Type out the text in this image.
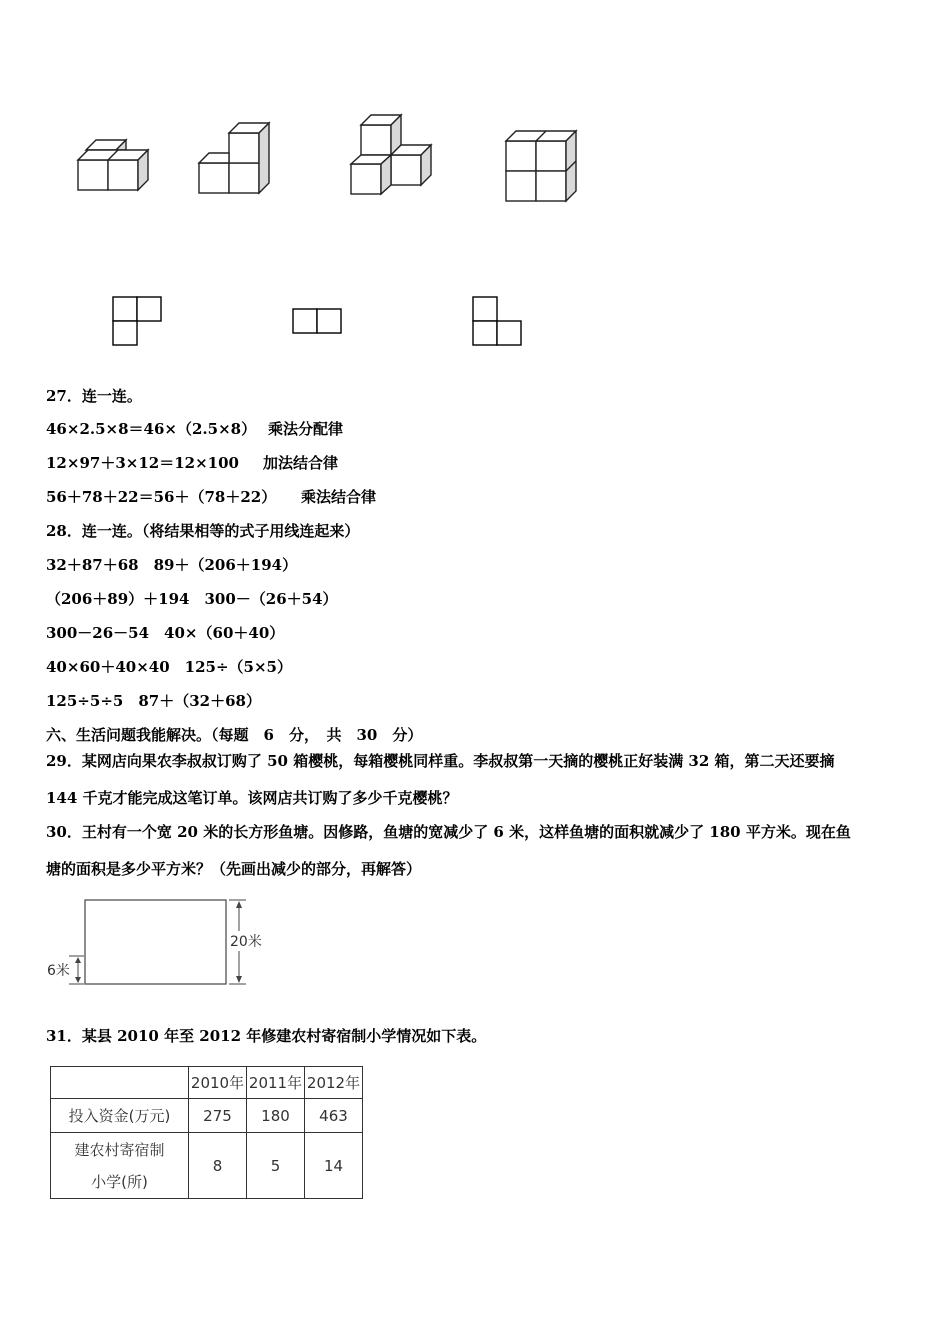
27．连一连。
46×2.5×8＝46×（2.5×8） 乘法分配律
12×97＋3×12＝12×100 加法结合律
56＋78＋22＝56＋（78＋22） 乘法结合律
28．连一连。（将结果相等的式子用线连起来）
32＋87＋68　89＋（206＋194）
（206＋89）＋194　300－（26＋54）
300－26－54　40×（60＋40）
40×60＋40×40　125÷（5×5）
125÷5÷5　87＋（32＋68）
六、生活问题我能解决。（每题　6　分，　共　30　分）
29．某网店向果农李叔叔订购了 50 箱樱桃，每箱樱桃同样重。李叔叔第一天摘的樱桃正好装满 32 箱，第二天还要摘
144 千克才能完成这笔订单。该网店共订购了多少千克樱桃？
30．王村有一个宽 20 米的长方形鱼塘。因修路，鱼塘的宽减少了 6 米，这样鱼塘的面积就减少了 180 平方米。现在鱼
塘的面积是多少平方米？（先画出减少的部分，再解答）
20米
6米
31．某县 2010 年至 2012 年修建农村寄宿制小学情况如下表。
	2010年	2011年	2012年
投入资金(万元)	275	180	463

建农村寄宿制
小学(所)	8	5	14
